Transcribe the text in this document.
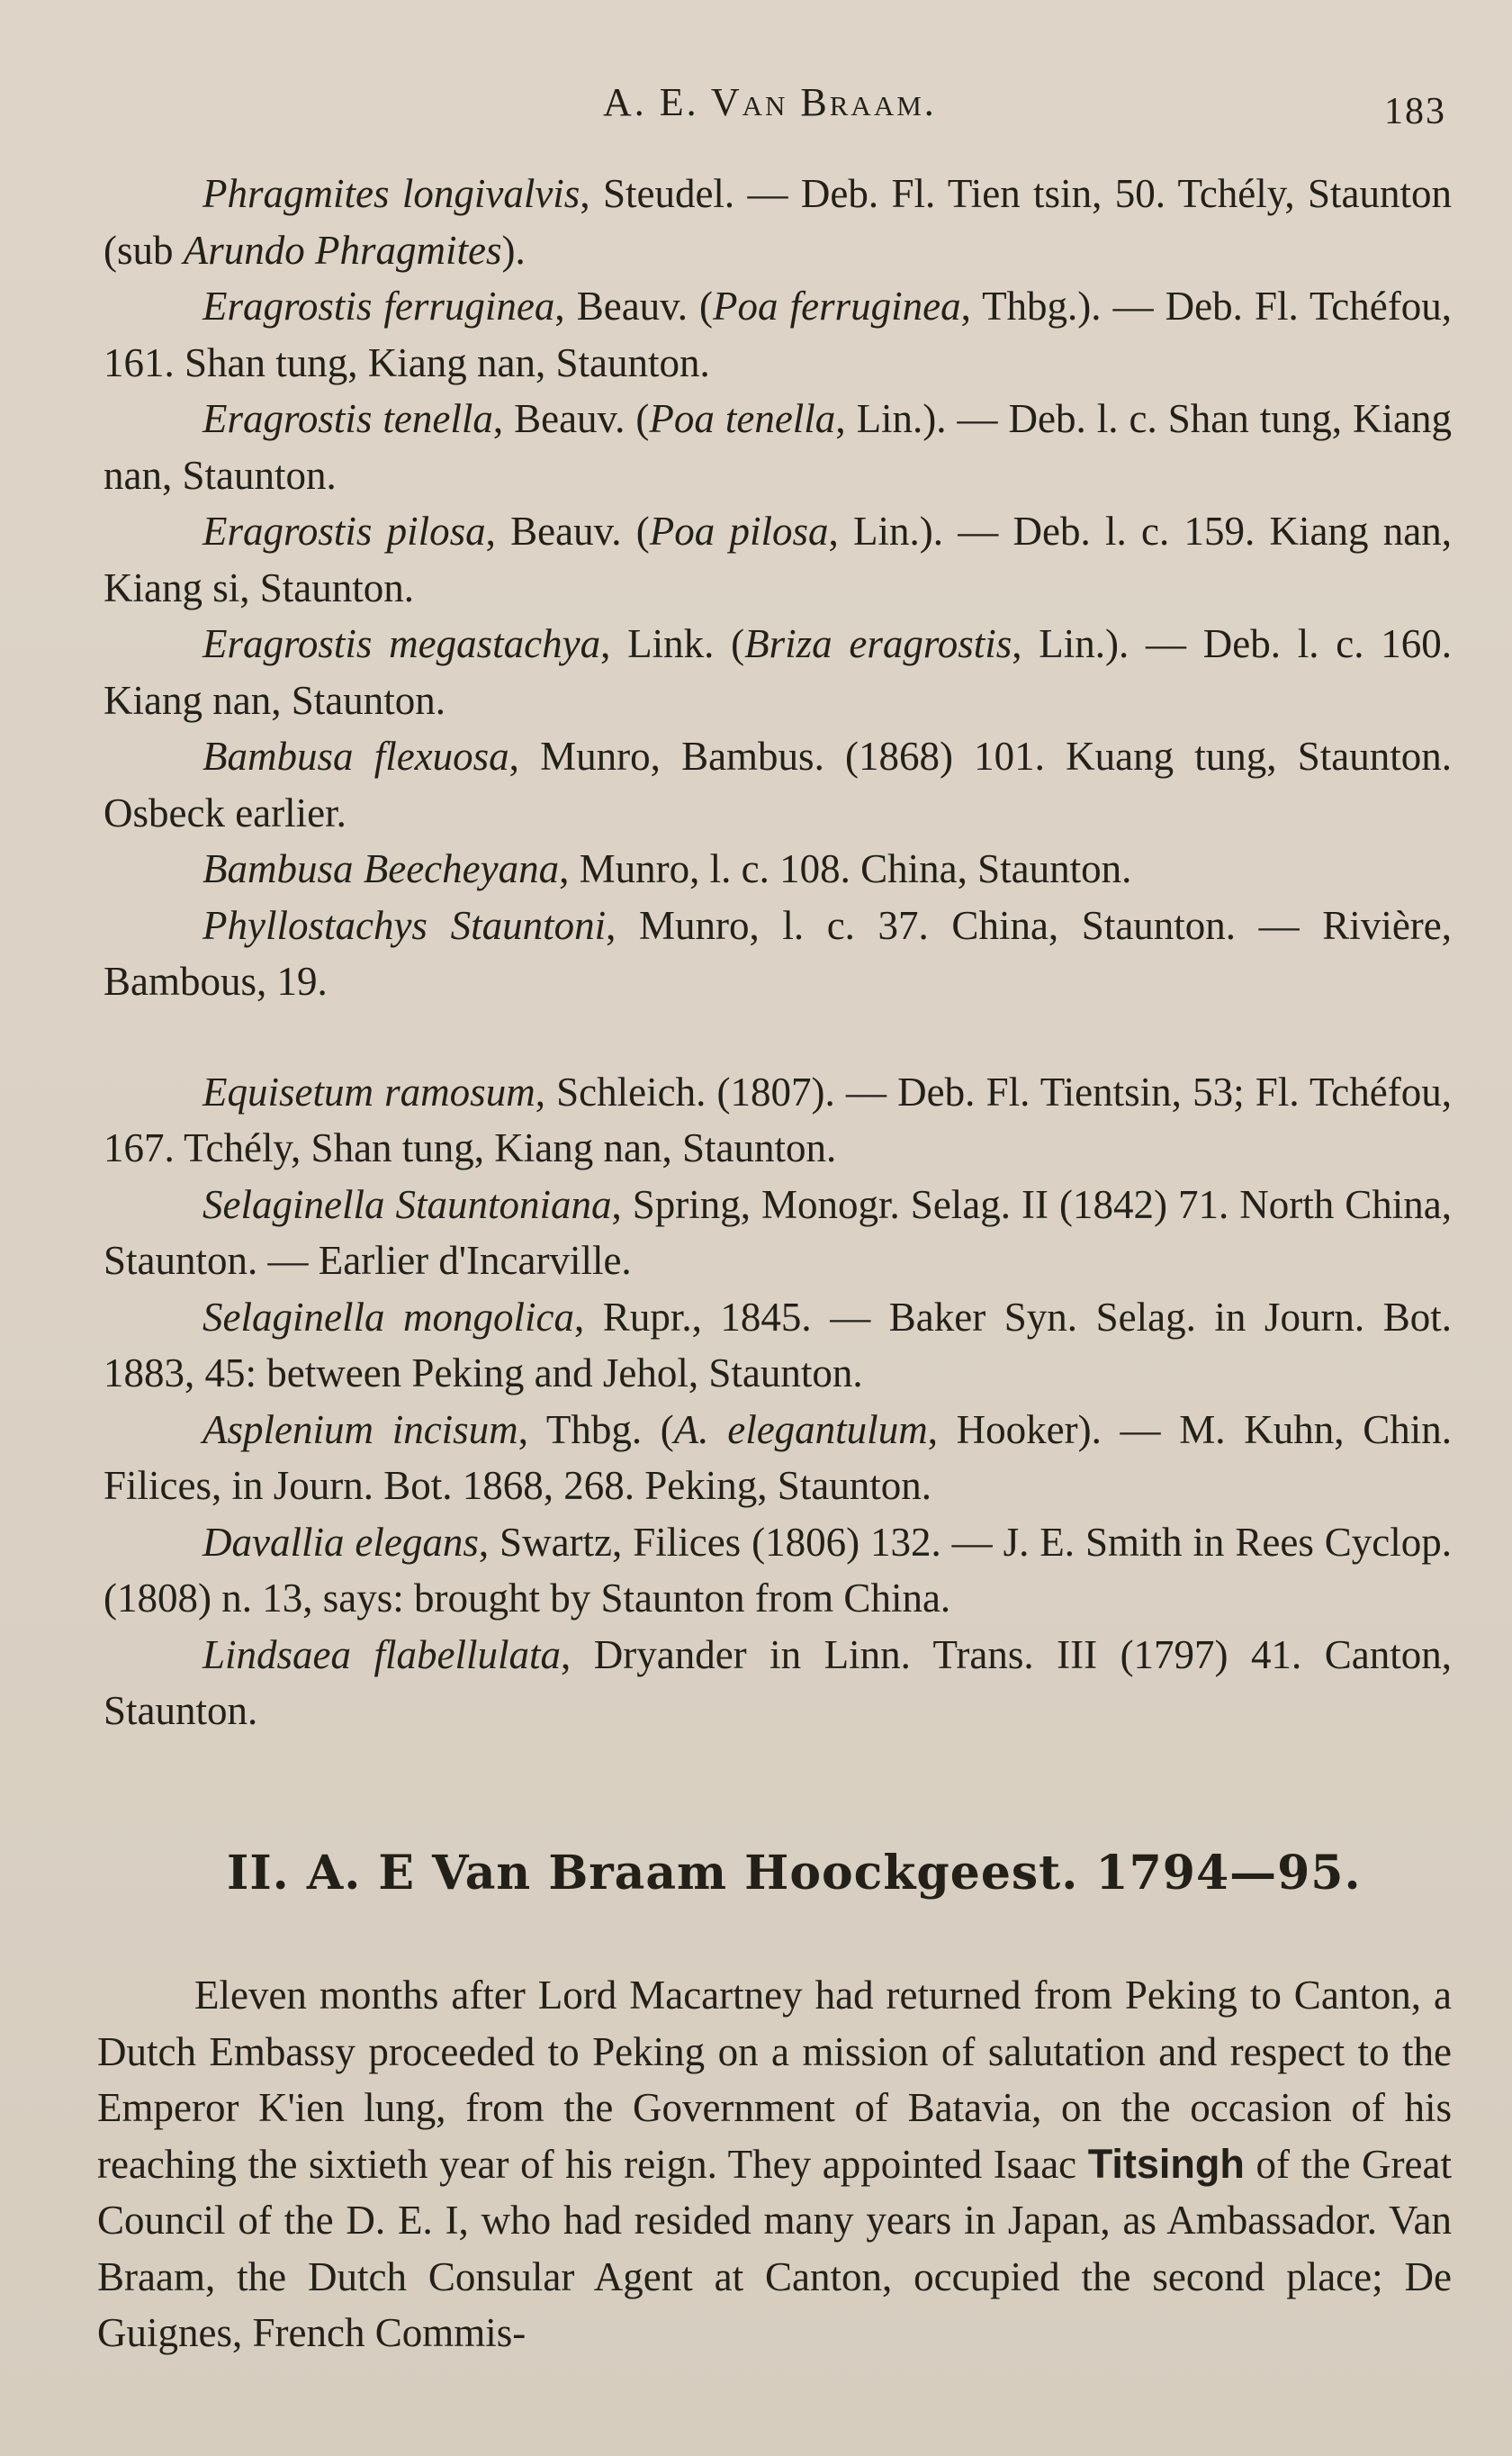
A. E. Van Braam.	183

Phragmites longivalvis, Steudel. — Deb. Fl. Tien tsin, 50. Tchély, Staunton (sub Arundo Phragmites).

Eragrostis ferruginea, Beauv. (Poa ferruginea, Thbg.). — Deb. Fl. Tchéfou, 161. Shan tung, Kiang nan, Staunton.

Eragrostis tenella, Beauv. (Poa tenella, Lin.). — Deb. l. c. Shan tung, Kiang nan, Staunton.

Eragrostis pilosa, Beauv. (Poa pilosa, Lin.). — Deb. l. c. 159. Kiang nan, Kiang si, Staunton.

Eragrostis megastachya, Link. (Briza eragrostis, Lin.). — Deb. l. c. 160. Kiang nan, Staunton.

Bambusa flexuosa, Munro, Bambus. (1868) 101. Kuang tung, Staunton. Osbeck earlier.

Bambusa Beecheyana, Munro, l. c. 108. China, Staunton.

Phyllostachys Stauntoni, Munro, l. c. 37. China, Staunton. — Rivière, Bambous, 19.

Equisetum ramosum, Schleich. (1807). — Deb. Fl. Tientsin, 53; Fl. Tchéfou, 167. Tchély, Shan tung, Kiang nan, Staunton.

Selaginella Stauntoniana, Spring, Monogr. Selag. II (1842) 71. North China, Staunton. — Earlier d'Incarville.

Selaginella mongolica, Rupr., 1845. — Baker Syn. Selag. in Journ. Bot. 1883, 45: between Peking and Jehol, Staunton.

Asplenium incisum, Thbg. (A. elegantulum, Hooker). — M. Kuhn, Chin. Filices, in Journ. Bot. 1868, 268. Peking, Staunton.

Davallia elegans, Swartz, Filices (1806) 132. — J. E. Smith in Rees Cyclop. (1808) n. 13, says: brought by Staunton from China.

Lindsaea flabellulata, Dryander in Linn. Trans. III (1797) 41. Canton, Staunton.

II. A. E Van Braam Hoockgeest. 1794—95.

Eleven months after Lord Macartney had returned from Peking to Canton, a Dutch Embassy proceeded to Peking on a mission of salutation and respect to the Emperor K'ien lung, from the Government of Batavia, on the occasion of his reaching the sixtieth year of his reign. They appointed Isaac Titsingh of the Great Council of the D. E. I, who had resided many years in Japan, as Ambassador. Van Braam, the Dutch Consular Agent at Canton, occupied the second place; De Guignes, French Commis-
